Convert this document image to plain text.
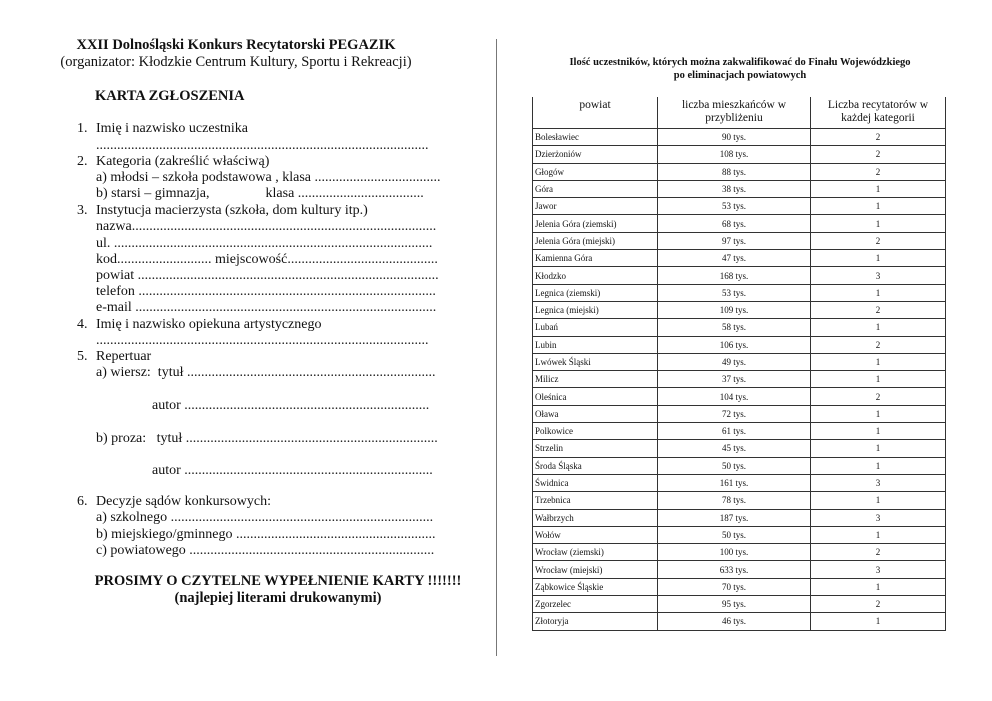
XXII Dolnośląski Konkurs Recytatorski PEGAZIK
(organizator: Kłodzkie Centrum Kultury, Sportu i Rekreacji)
KARTA ZGŁOSZENIA
1. Imię i nazwisko uczestnika
...............................................................................................
2. Kategoria (zakreślić właściwą)
a) młodsi – szkoła podstawowa , klasa ....................................
b) starsi – gimnazja,                klasa ....................................
3. Instytucja macierzysta (szkoła, dom kultury itp.)
nazwa.......................................................................................
ul. ...........................................................................................
kod........................... miejscowość...........................................
powiat ......................................................................................
telefon .....................................................................................
e-mail ......................................................................................
4. Imię i nazwisko opiekuna artystycznego
...............................................................................................
5. Repertuar
a) wiersz:  tytuł .......................................................................
autor ......................................................................
b) proza:   tytuł ........................................................................
autor .......................................................................
6. Decyzje sądów konkursowych:
a) szkolnego ...........................................................................
b) miejskiego/gminnego .........................................................
c) powiatowego ......................................................................
PROSIMY O CZYTELNE WYPEŁNIENIE KARTY !!!!!!!
(najlepiej literami drukowanymi)
Ilość uczestników, których można zakwalifikować do Finału Wojewódzkiego
po eliminacjach powiatowych
powiat	liczba mieszkańców w przybliżeniu	Liczba recytatorów w każdej kategorii
Bolesławiec	90 tys.	2
Dzierżoniów	108 tys.	2
Głogów	88 tys.	2
Góra	38 tys.	1
Jawor	53 tys.	1
Jelenia Góra (ziemski)	68 tys.	1
Jelenia Góra (miejski)	97 tys.	2
Kamienna Góra	47 tys.	1
Kłodzko	168 tys.	3
Legnica (ziemski)	53 tys.	1
Legnica (miejski)	109 tys.	2
Lubań	58 tys.	1
Lubin	106 tys.	2
Lwówek Śląski	49 tys.	1
Milicz	37 tys.	1
Oleśnica	104 tys.	2
Oława	72 tys.	1
Polkowice	61 tys.	1
Strzelin	45 tys.	1
Środa Śląska	50 tys.	1
Świdnica	161 tys.	3
Trzebnica	78 tys.	1
Wałbrzych	187 tys.	3
Wołów	50 tys.	1
Wrocław (ziemski)	100 tys.	2
Wrocław (miejski)	633 tys.	3
Ząbkowice Śląskie	70 tys.	1
Zgorzelec	95 tys.	2
Złotoryja	46 tys.	1
